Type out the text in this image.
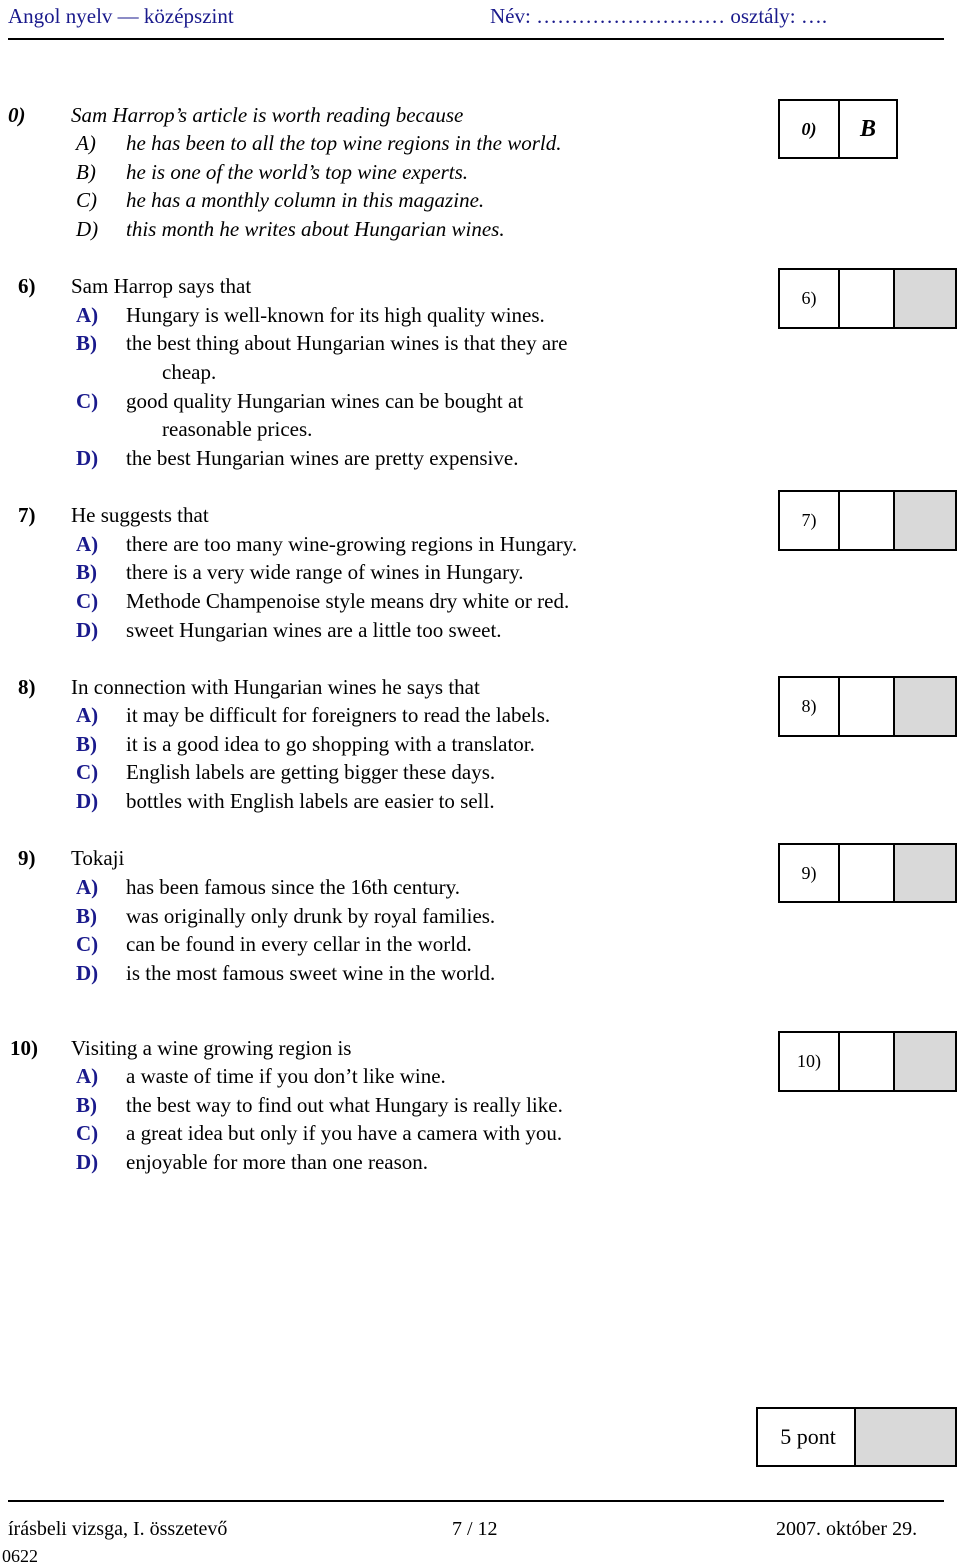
Angol nyelv — középszint	Név: ……………………… osztály: ….
0) Sam Harrop’s article is worth reading because
A) he has been to all the top wine regions in the world.
B) he is one of the world’s top wine experts.
C) he has a monthly column in this magazine.
D) this month he writes about Hungarian wines.
0)	B
6) Sam Harrop says that
A) Hungary is well-known for its high quality wines.
B) the best thing about Hungarian wines is that they are
cheap.
C) good quality Hungarian wines can be bought at
reasonable prices.
D) the best Hungarian wines are pretty expensive.
6)
7) He suggests that
A) there are too many wine-growing regions in Hungary.
B) there is a very wide range of wines in Hungary.
C) Methode Champenoise style means dry white or red.
D) sweet Hungarian wines are a little too sweet.
7)
8) In connection with Hungarian wines he says that
A) it may be difficult for foreigners to read the labels.
B) it is a good idea to go shopping with a translator.
C) English labels are getting bigger these days.
D) bottles with English labels are easier to sell.
8)
9) Tokaji
A) has been famous since the 16th century.
B) was originally only drunk by royal families.
C) can be found in every cellar in the world.
D) is the most famous sweet wine in the world.
9)
10) Visiting a wine growing region is
A) a waste of time if you don’t like wine.
B) the best way to find out what Hungary is really like.
C) a great idea but only if you have a camera with you.
D) enjoyable for more than one reason.
10)
5 pont
írásbeli vizsga, I. összetevő	7 / 12	2007. október 29.
0622
